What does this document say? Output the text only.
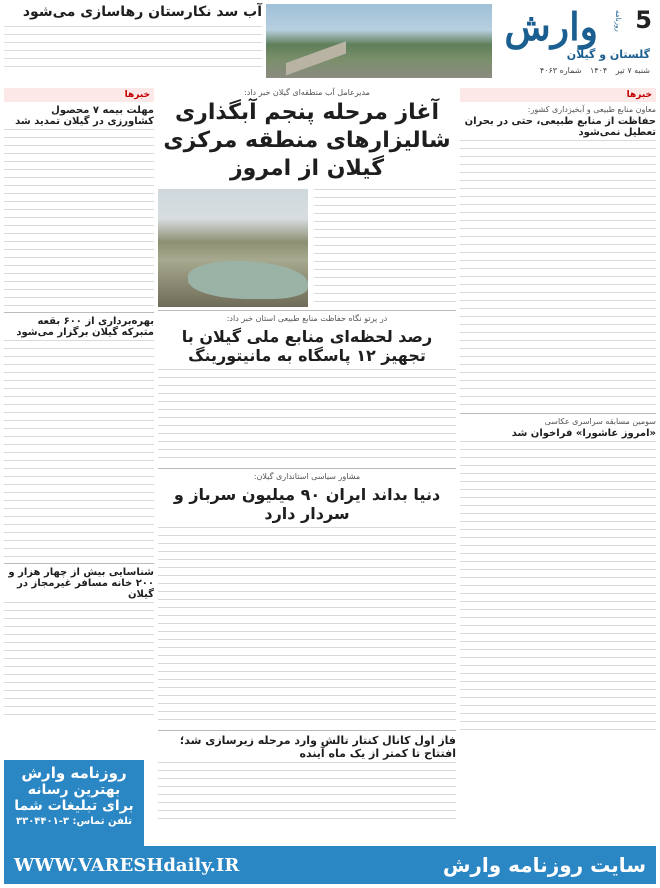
وارش روزنامه 5
گلستان و گیلان
شنبه ۷ تیر ۱۴۰۴ شماره ۴۰۶۳
آب سد نکارستان رهاسازی می‌شود
خبرها
معاون منابع طبیعی و آبخیزداری کشور:
حفاظت از منابع طبیعی، حتی در بحران تعطیل نمی‌شود
سومین مسابقه سراسری عکاسی
«امروز عاشورا» فراخوان شد
خبرها
مهلت بیمه ۷ محصول کشاورزی در گیلان تمدید شد
بهره‌برداری از ۶۰۰ بقعه متبرکه گیلان برگزار می‌شود
شناسایی بیش از چهار هزار و ۲۰۰ خانه مسافر غیرمجاز در گیلان
مدیرعامل آب منطقه‌ای گیلان خبر داد:
آغاز مرحله پنجم آبگذاری شالیزارهای منطقه مرکزی گیلان از امروز
در پرتو نگاه حفاظت منابع طبیعی استان خبر داد:
رصد لحظه‌ای منابع ملی گیلان با تجهیز ۱۲ پاسگاه به مانیتورینگ
مشاور سیاسی استانداری گیلان:
دنیا بداند ایران ۹۰ میلیون سرباز و سردار دارد
فاز اول کانال کنتار تالش وارد مرحله زیرسازی شد؛ افتتاح تا کمتر از یک ماه آینده
روزنامه وارش
بهترین رسانه
برای تبلیغات شما
تلفن تماس: ۳-۳۳۰۴۴۰۱
سایت روزنامه وارش
WWW.VARESHdaily.IR
